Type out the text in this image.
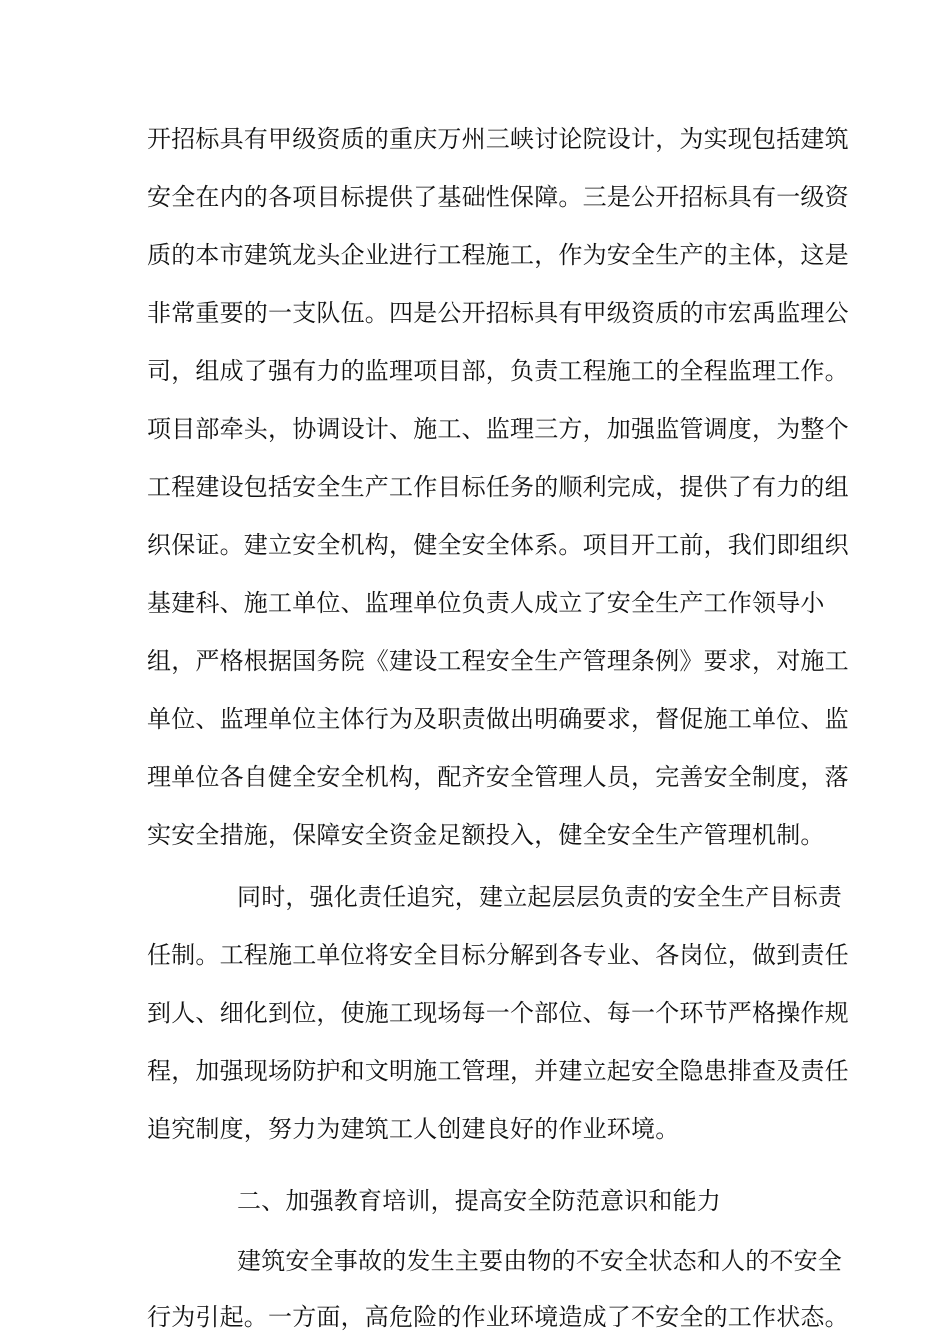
开招标具有甲级资质的重庆万州三峡讨论院设计，为实现包括建筑
安全在内的各项目标提供了基础性保障。三是公开招标具有一级资
质的本市建筑龙头企业进行工程施工，作为安全生产的主体，这是
非常重要的一支队伍。四是公开招标具有甲级资质的市宏禹监理公
司，组成了强有力的监理项目部，负责工程施工的全程监理工作。
项目部牵头，协调设计、施工、监理三方，加强监管调度，为整个
工程建设包括安全生产工作目标任务的顺利完成，提供了有力的组
织保证。建立安全机构，健全安全体系。项目开工前，我们即组织
基建科、施工单位、监理单位负责人成立了安全生产工作领导小
组，严格根据国务院《建设工程安全生产管理条例》要求，对施工
单位、监理单位主体行为及职责做出明确要求，督促施工单位、监
理单位各自健全安全机构，配齐安全管理人员，完善安全制度，落
实安全措施，保障安全资金足额投入，健全安全生产管理机制。
同时，强化责任追究，建立起层层负责的安全生产目标责
任制。工程施工单位将安全目标分解到各专业、各岗位，做到责任
到人、细化到位，使施工现场每一个部位、每一个环节严格操作规
程，加强现场防护和文明施工管理，并建立起安全隐患排查及责任
追究制度，努力为建筑工人创建良好的作业环境。
二、加强教育培训，提高安全防范意识和能力
建筑安全事故的发生主要由物的不安全状态和人的不安全
行为引起。一方面，高危险的作业环境造成了不安全的工作状态。
